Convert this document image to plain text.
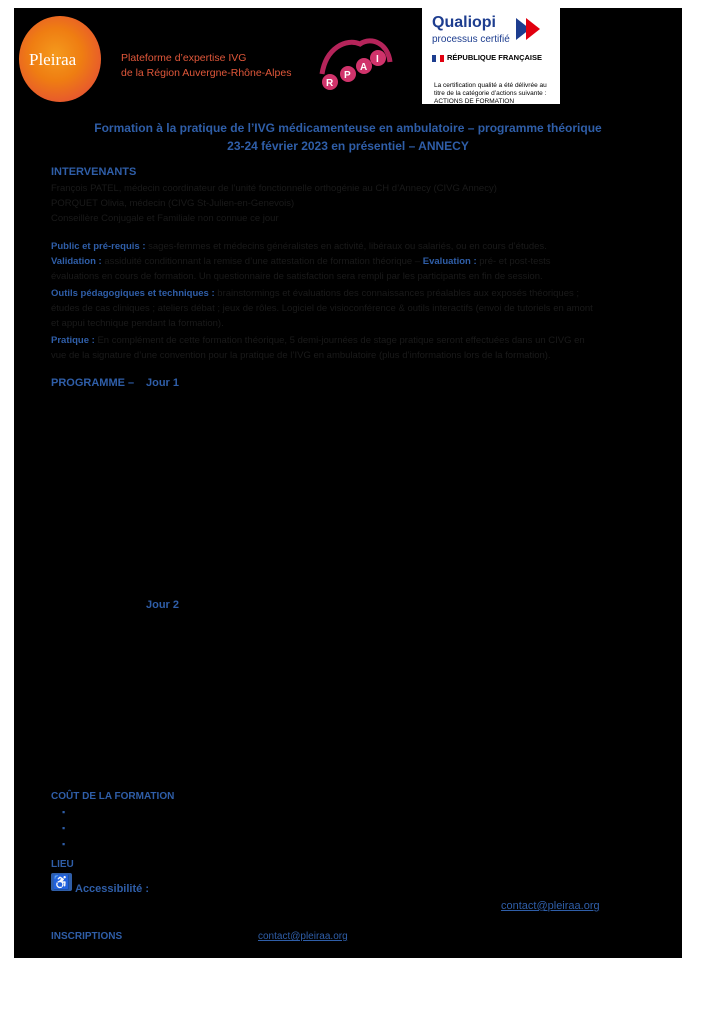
Pleiraa	Plateforme d’expertise IVG
de la Région Auvergne-Rhône-Alpes
R
P
A
I
Qualiopi
processus certifié
RÉPUBLIQUE FRANÇAISE
La certification qualité a été délivrée au titre de la catégorie d’actions suivante : ACTIONS DE FORMATION
Formation à la pratique de l’IVG médicamenteuse en ambulatoire – programme théorique
23-24 février 2023 en présentiel – ANNECY
INTERVENANTS
François PATEL, médecin coordinateur de l’unité fonctionnelle orthogénie au CH d’Annecy (CIVG Annecy)
PORQUET Olivia, médecin (CIVG St-Julien-en-Genevois)
Conseillère Conjugale et Familiale non connue ce jour
Public et pré-requis : sages-femmes et médecins généralistes en activité, libéraux ou salariés, ou en cours d’études.
Validation : assiduité conditionnant la remise d’une attestation de formation théorique – Evaluation : pré- et post-tests
évaluations en cours de formation. Un questionnaire de satisfaction sera rempli par les participants en fin de session.
Outils pédagogiques et techniques : brainstormings et évaluations des connaissances préalables aux exposés théoriques ;
études de cas cliniques ; ateliers débat ; jeux de rôles. Logiciel de visioconférence & outils interactifs (envoi de tutoriels en amont
et appui technique pendant la formation).
Pratique : En complément de cette formation théorique, 5 demi-journées de stage pratique seront effectuées dans un CIVG en
vue de la signature d’une convention pour la pratique de l’IVG en ambulatoire (plus d’informations lors de la formation).
PROGRAMME – Jour 1
Jour 2
COÛT DE LA FORMATION
▪
▪
▪
LIEU
♿ Accessibilité :
contact@pleiraa.org
INSCRIPTIONS	contact@pleiraa.org
